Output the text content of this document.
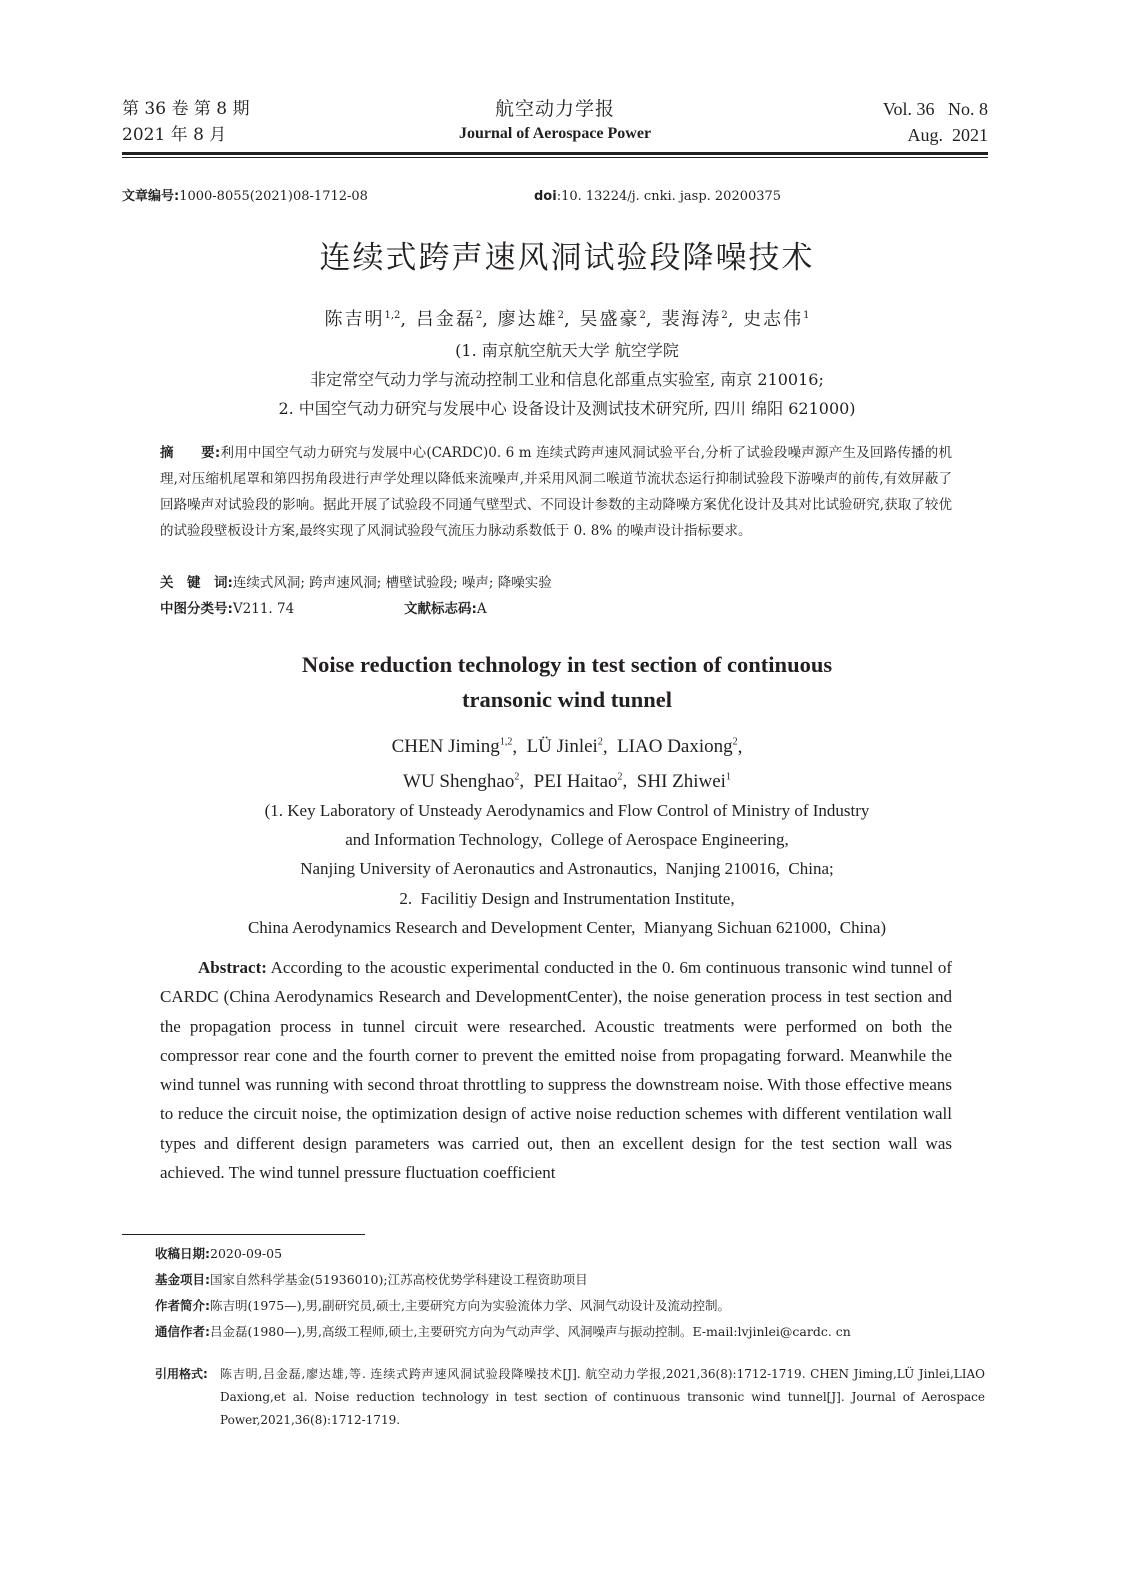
第 36 卷 第 8 期
2021 年 8 月
航空动力学报
Journal of Aerospace Power
Vol. 36   No. 8
Aug.  2021
文章编号:1000-8055(2021)08-1712-08	doi:10. 13224/j. cnki. jasp. 20200375
连续式跨声速风洞试验段降噪技术
陈吉明$^{1,2}$, 吕金磊$^2$, 廖达雄$^2$, 吴盛豪$^2$, 裴海涛$^2$, 史志伟$^1$
(1. 南京航空航天大学 航空学院
非定常空气动力学与流动控制工业和信息化部重点实验室, 南京 210016;
2. 中国空气动力研究与发展中心 设备设计及测试技术研究所, 四川 绵阳 621000)
摘　　要:利用中国空气动力研究与发展中心(CARDC)0. 6 m 连续式跨声速风洞试验平台,分析了试验段噪声源产生及回路传播的机理,对压缩机尾罩和第四拐角段进行声学处理以降低来流噪声,并采用风洞二喉道节流状态运行抑制试验段下游噪声的前传,有效屏蔽了回路噪声对试验段的影响。据此开展了试验段不同通气壁型式、不同设计参数的主动降噪方案优化设计及其对比试验研究,获取了较优的试验段壁板设计方案,最终实现了风洞试验段气流压力脉动系数低于 0. 8% 的噪声设计指标要求。
关　键　词:连续式风洞; 跨声速风洞; 槽壁试验段; 噪声; 降噪实验
中图分类号:V211. 74	文献标志码:A
Noise reduction technology in test section of continuous
transonic wind tunnel
CHEN Jiming$^{1,2}$,  LÜ Jinlei$^2$,  LIAO Daxiong$^2$,
WU Shenghao$^2$,  PEI Haitao$^2$,  SHI Zhiwei$^1$
(1. Key Laboratory of Unsteady Aerodynamics and Flow Control of Ministry of Industry
and Information Technology,  College of Aerospace Engineering,
Nanjing University of Aeronautics and Astronautics,  Nanjing 210016,  China;
2.  Facilitiy Design and Instrumentation Institute,
China Aerodynamics Research and Development Center,  Mianyang Sichuan 621000,  China)
Abstract: According to the acoustic experimental conducted in the 0. 6m continuous transonic wind tunnel of CARDC (China Aerodynamics Research and DevelopmentCenter), the noise generation process in test section and the propagation process in tunnel circuit were researched. Acoustic treatments were performed on both the compressor rear cone and the fourth corner to prevent the emitted noise from propagating forward. Meanwhile the wind tunnel was running with second throat throttling to suppress the downstream noise. With those effective means to reduce the circuit noise, the optimization design of active noise reduction schemes with different ventilation wall types and different design parameters was carried out, then an excellent design for the test section wall was achieved. The wind tunnel pressure fluctuation coefficient
收稿日期:2020-09-05
基金项目:国家自然科学基金(51936010);江苏高校优势学科建设工程资助项目
作者简介:陈吉明(1975—),男,副研究员,硕士,主要研究方向为实验流体力学、风洞气动设计及流动控制。
通信作者:吕金磊(1980—),男,高级工程师,硕士,主要研究方向为气动声学、风洞噪声与振动控制。E-mail:lvjinlei@cardc. cn
引用格式:	陈吉明,吕金磊,廖达雄,等. 连续式跨声速风洞试验段降噪技术[J]. 航空动力学报,2021,36(8):1712-1719. CHEN Jiming,LÜ Jinlei,LIAO Daxiong,et al. Noise reduction technology in test section of continuous transonic wind tunnel[J]. Journal of Aerospace Power,2021,36(8):1712-1719.
